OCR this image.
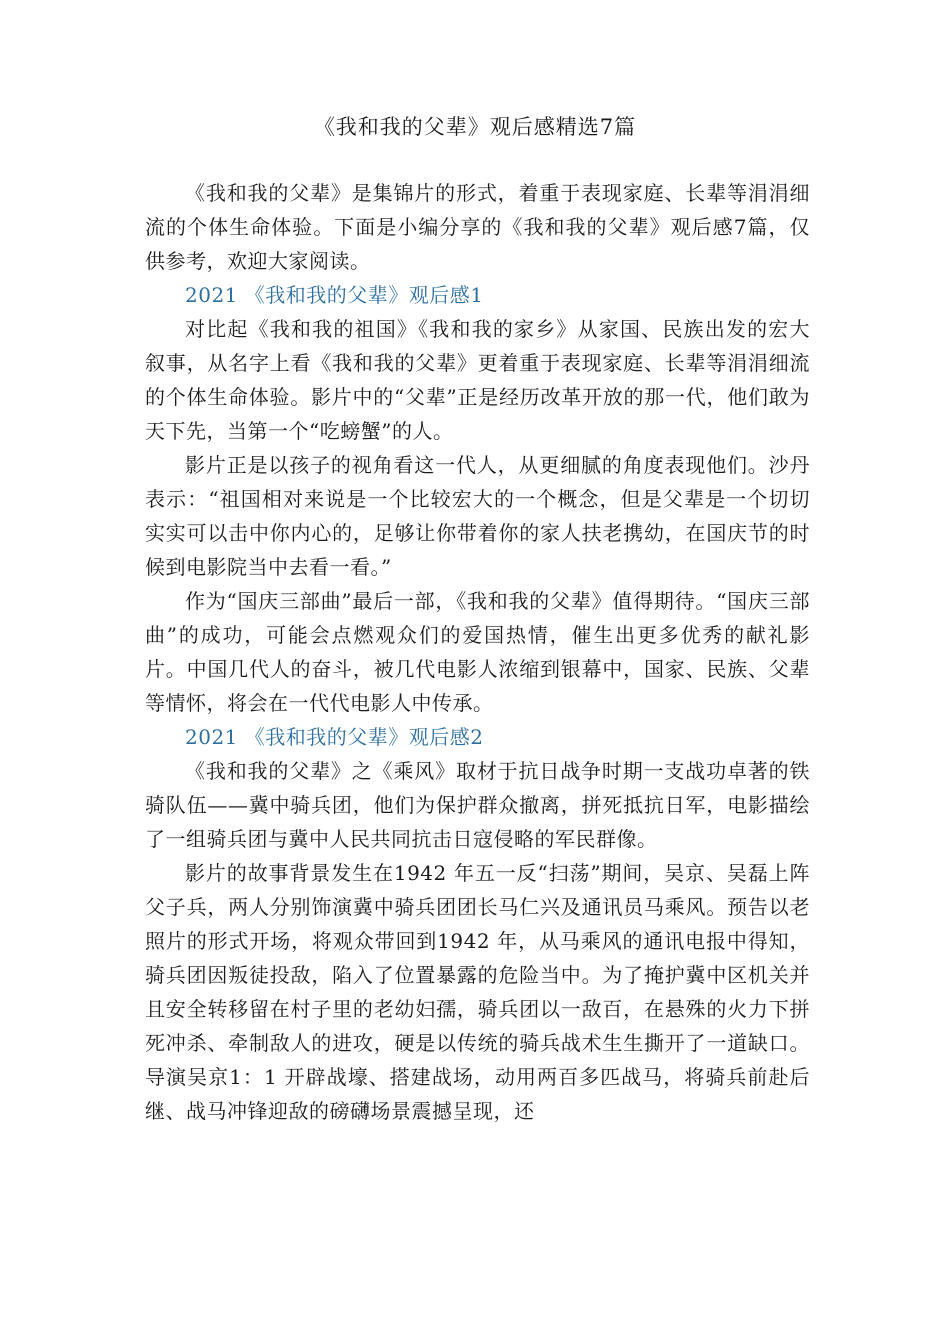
《我和我的父辈》观后感精选7篇

《我和我的父辈》是集锦片的形式，着重于表现家庭、长辈等涓涓细流的个体生命体验。下面是小编分享的《我和我的父辈》观后感7篇，仅供参考，欢迎大家阅读。

2021 《我和我的父辈》观后感1

对比起《我和我的祖国》《我和我的家乡》从家国、民族出发的宏大叙事，从名字上看《我和我的父辈》更着重于表现家庭、长辈等涓涓细流的个体生命体验。影片中的“父辈”正是经历改革开放的那一代，他们敢为天下先，当第一个“吃螃蟹”的人。

影片正是以孩子的视角看这一代人，从更细腻的角度表现他们。沙丹表示：“祖国相对来说是一个比较宏大的一个概念，但是父辈是一个切切实实可以击中你内心的，足够让你带着你的家人扶老携幼，在国庆节的时候到电影院当中去看一看。”

作为“国庆三部曲”最后一部，《我和我的父辈》值得期待。“国庆三部曲”的成功，可能会点燃观众们的爱国热情，催生出更多优秀的献礼影片。中国几代人的奋斗，被几代电影人浓缩到银幕中，国家、民族、父辈等情怀，将会在一代代电影人中传承。

2021 《我和我的父辈》观后感2

《我和我的父辈》之《乘风》取材于抗日战争时期一支战功卓著的铁骑队伍——冀中骑兵团，他们为保护群众撤离，拼死抵抗日军，电影描绘了一组骑兵团与冀中人民共同抗击日寇侵略的军民群像。

影片的故事背景发生在1942 年五一反“扫荡”期间，吴京、吴磊上阵父子兵，两人分别饰演冀中骑兵团团长马仁兴及通讯员马乘风。预告以老照片的形式开场，将观众带回到1942 年，从马乘风的通讯电报中得知，骑兵团因叛徒投敌，陷入了位置暴露的危险当中。为了掩护冀中区机关并且安全转移留在村子里的老幼妇孺，骑兵团以一敌百，在悬殊的火力下拼死冲杀、牵制敌人的进攻，硬是以传统的骑兵战术生生撕开了一道缺口。导演吴京1：1 开辟战壕、搭建战场，动用两百多匹战马，将骑兵前赴后继、战马冲锋迎敌的磅礴场景震撼呈现，还
